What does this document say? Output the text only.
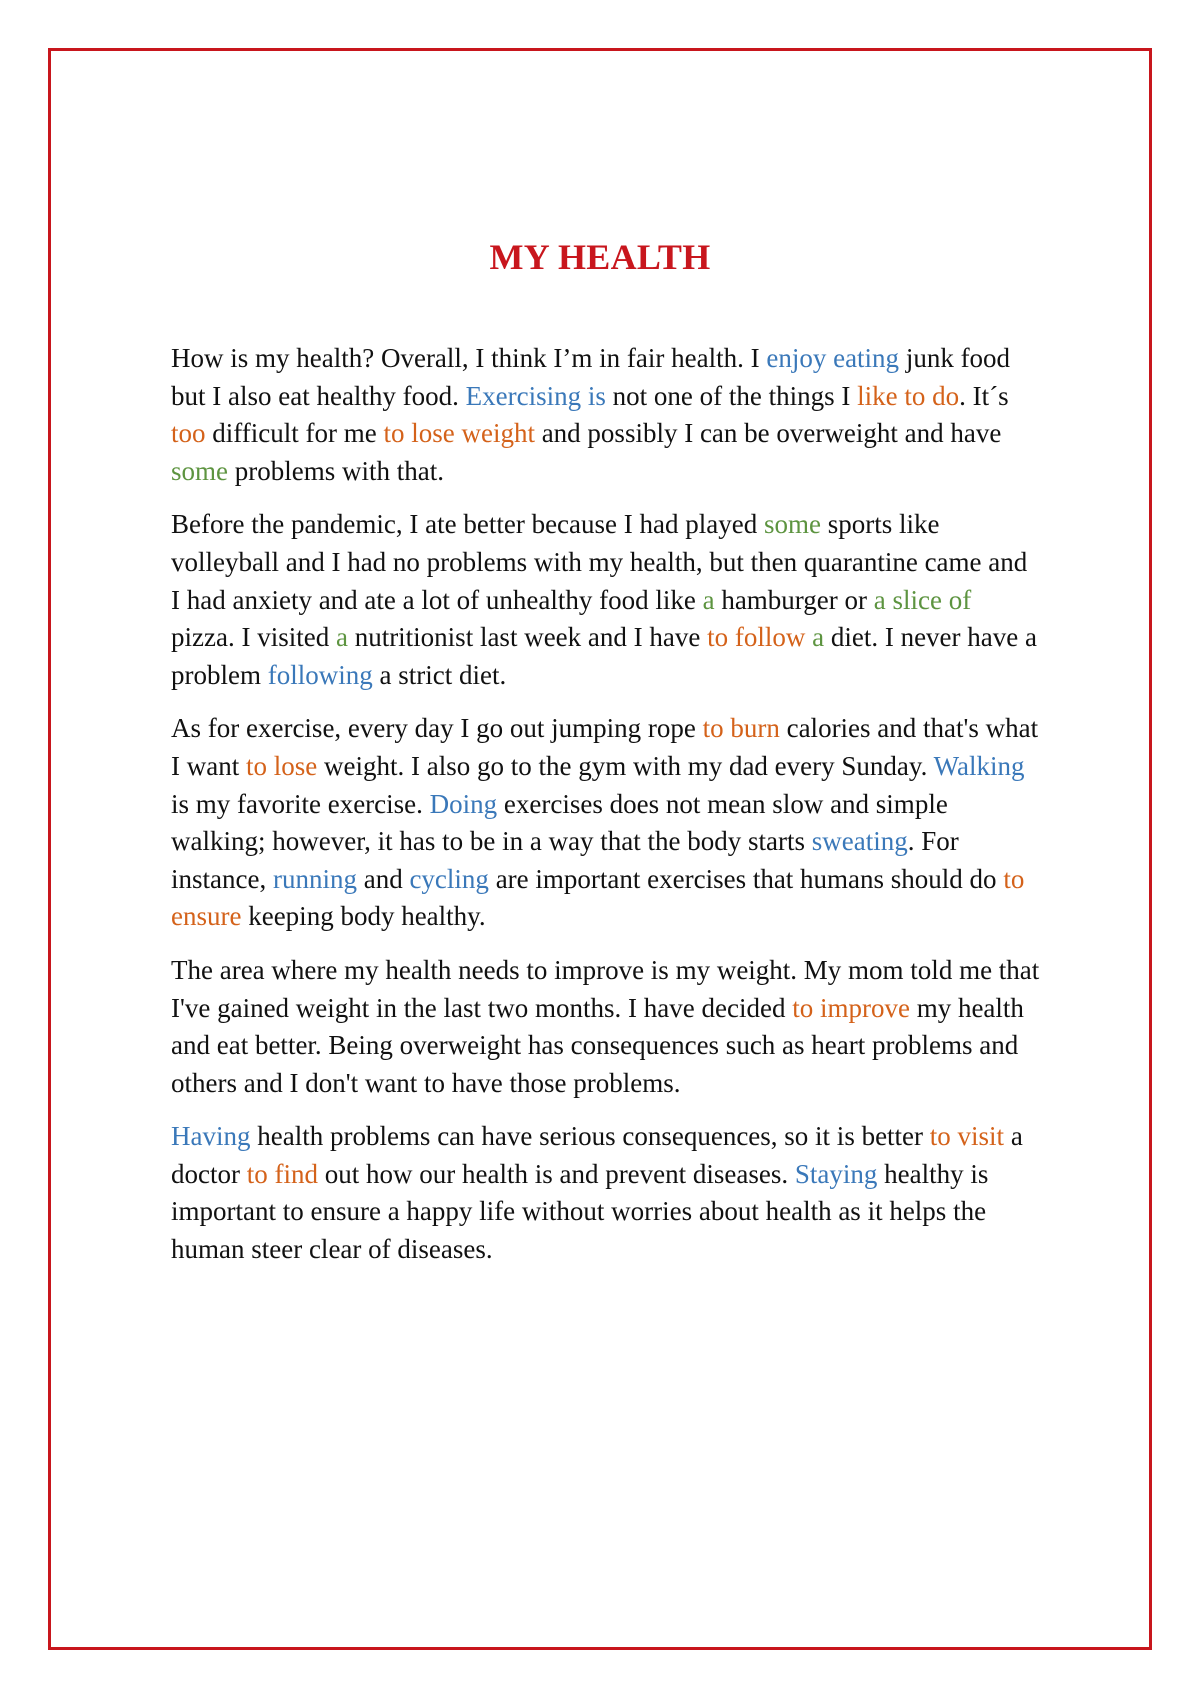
MY HEALTH

How is my health? Overall, I think I’m in fair health. I enjoy eating junk food but I also eat healthy food. Exercising is not one of the things I like to do. It´s too difficult for me to lose weight and possibly I can be overweight and have some problems with that.

Before the pandemic, I ate better because I had played some sports like volleyball and I had no problems with my health, but then quarantine came and I had anxiety and ate a lot of unhealthy food like a hamburger or a slice of pizza. I visited a nutritionist last week and I have to follow a diet. I never have a problem following a strict diet.

As for exercise, every day I go out jumping rope to burn calories and that's what I want to lose weight. I also go to the gym with my dad every Sunday. Walking is my favorite exercise. Doing exercises does not mean slow and simple walking; however, it has to be in a way that the body starts sweating. For instance, running and cycling are important exercises that humans should do to ensure keeping body healthy.

The area where my health needs to improve is my weight. My mom told me that I've gained weight in the last two months. I have decided to improve my health and eat better. Being overweight has consequences such as heart problems and others and I don't want to have those problems.

Having health problems can have serious consequences, so it is better to visit a doctor to find out how our health is and prevent diseases. Staying healthy is important to ensure a happy life without worries about health as it helps the human steer clear of diseases.
